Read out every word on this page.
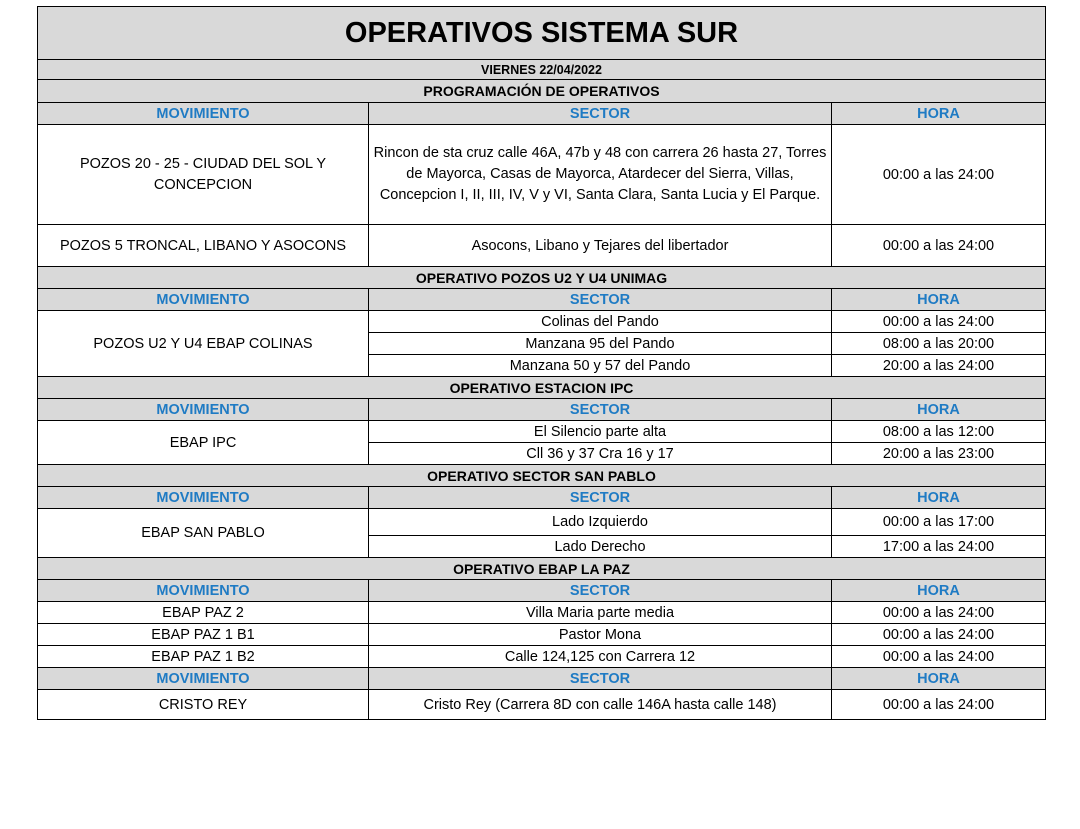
OPERATIVOS SISTEMA SUR		
VIERNES 22/04/2022		
PROGRAMACIÓN DE OPERATIVOS		
MOVIMIENTO	SECTOR	HORA
POZOS 20 - 25 - CIUDAD DEL SOL Y CONCEPCION	Rincon de sta cruz calle 46A, 47b y 48 con carrera 26 hasta 27, Torres de Mayorca, Casas de Mayorca, Atardecer del Sierra, Villas, Concepcion I, II, III, IV, V y VI, Santa Clara, Santa Lucia y El Parque.	00:00 a las 24:00
POZOS 5 TRONCAL, LIBANO Y ASOCONS	Asocons, Libano y Tejares del libertador	00:00 a las 24:00
OPERATIVO POZOS U2 Y U4 UNIMAG		
MOVIMIENTO	SECTOR	HORA
POZOS U2 Y U4 EBAP COLINAS	Colinas del Pando	00:00 a las 24:00
	Manzana 95 del Pando	08:00 a las 20:00
	Manzana 50 y 57 del Pando	20:00 a las 24:00
OPERATIVO ESTACION IPC		
MOVIMIENTO	SECTOR	HORA
EBAP IPC	El Silencio parte alta	08:00 a las 12:00
	Cll 36 y 37 Cra 16 y 17	20:00 a las 23:00
OPERATIVO SECTOR SAN PABLO		
MOVIMIENTO	SECTOR	HORA
EBAP SAN PABLO	Lado Izquierdo	00:00 a las 17:00
	Lado Derecho	17:00 a las 24:00
OPERATIVO EBAP LA PAZ		
MOVIMIENTO	SECTOR	HORA
EBAP PAZ 2	Villa Maria parte media	00:00 a las 24:00
EBAP PAZ 1 B1	Pastor Mona	00:00 a las 24:00
EBAP PAZ 1 B2	Calle 124,125 con Carrera 12	00:00 a las 24:00
MOVIMIENTO	SECTOR	HORA
CRISTO REY	Cristo Rey (Carrera 8D con calle 146A hasta calle 148)	00:00 a las 24:00
